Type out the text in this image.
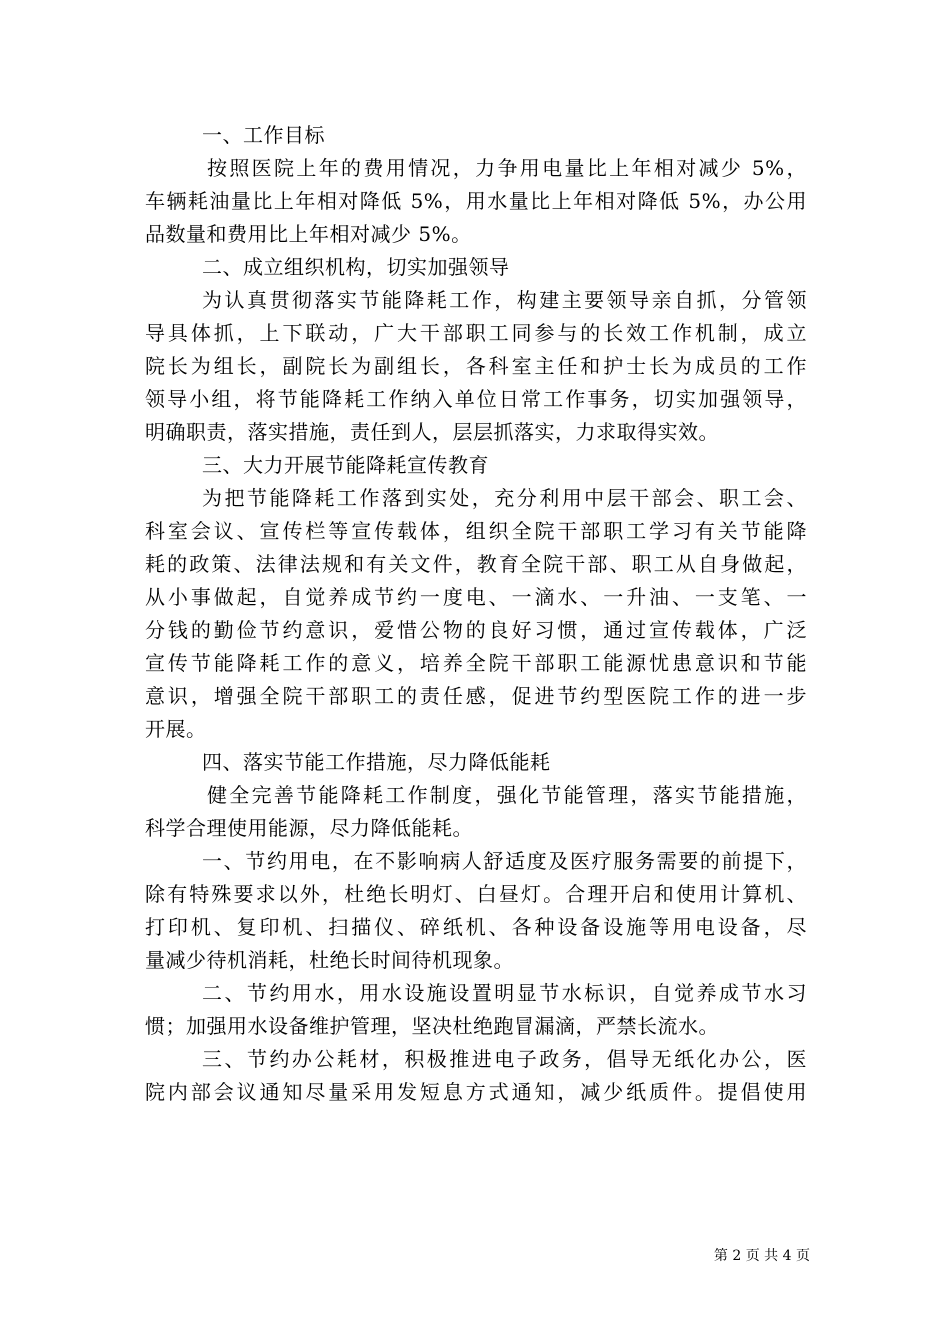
一、工作目标
按照医院上年的费用情况，力争用电量比上年相对减少 5%，
车辆耗油量比上年相对降低 5%，用水量比上年相对降低 5%，办公用
品数量和费用比上年相对减少 5%。
二、成立组织机构，切实加强领导
为认真贯彻落实节能降耗工作，构建主要领导亲自抓，分管领
导具体抓，上下联动，广大干部职工同参与的长效工作机制，成立
院长为组长，副院长为副组长，各科室主任和护士长为成员的工作
领导小组，将节能降耗工作纳入单位日常工作事务，切实加强领导，
明确职责，落实措施，责任到人，层层抓落实，力求取得实效。
三、大力开展节能降耗宣传教育
为把节能降耗工作落到实处，充分利用中层干部会、职工会、
科室会议、宣传栏等宣传载体，组织全院干部职工学习有关节能降
耗的政策、法律法规和有关文件，教育全院干部、职工从自身做起，
从小事做起，自觉养成节约一度电、一滴水、一升油、一支笔、一
分钱的勤俭节约意识，爱惜公物的良好习惯，通过宣传载体，广泛
宣传节能降耗工作的意义，培养全院干部职工能源忧患意识和节能
意识，增强全院干部职工的责任感，促进节约型医院工作的进一步
开展。
四、落实节能工作措施，尽力降低能耗
健全完善节能降耗工作制度，强化节能管理，落实节能措施，
科学合理使用能源，尽力降低能耗。
一、节约用电，在不影响病人舒适度及医疗服务需要的前提下，
除有特殊要求以外，杜绝长明灯、白昼灯。合理开启和使用计算机、
打印机、复印机、扫描仪、碎纸机、各种设备设施等用电设备，尽
量减少待机消耗，杜绝长时间待机现象。
二、节约用水，用水设施设置明显节水标识，自觉养成节水习
惯；加强用水设备维护管理，坚决杜绝跑冒漏滴，严禁长流水。
三、节约办公耗材，积极推进电子政务，倡导无纸化办公，医
院内部会议通知尽量采用发短息方式通知，减少纸质件。提倡使用
第 2 页 共 4 页
